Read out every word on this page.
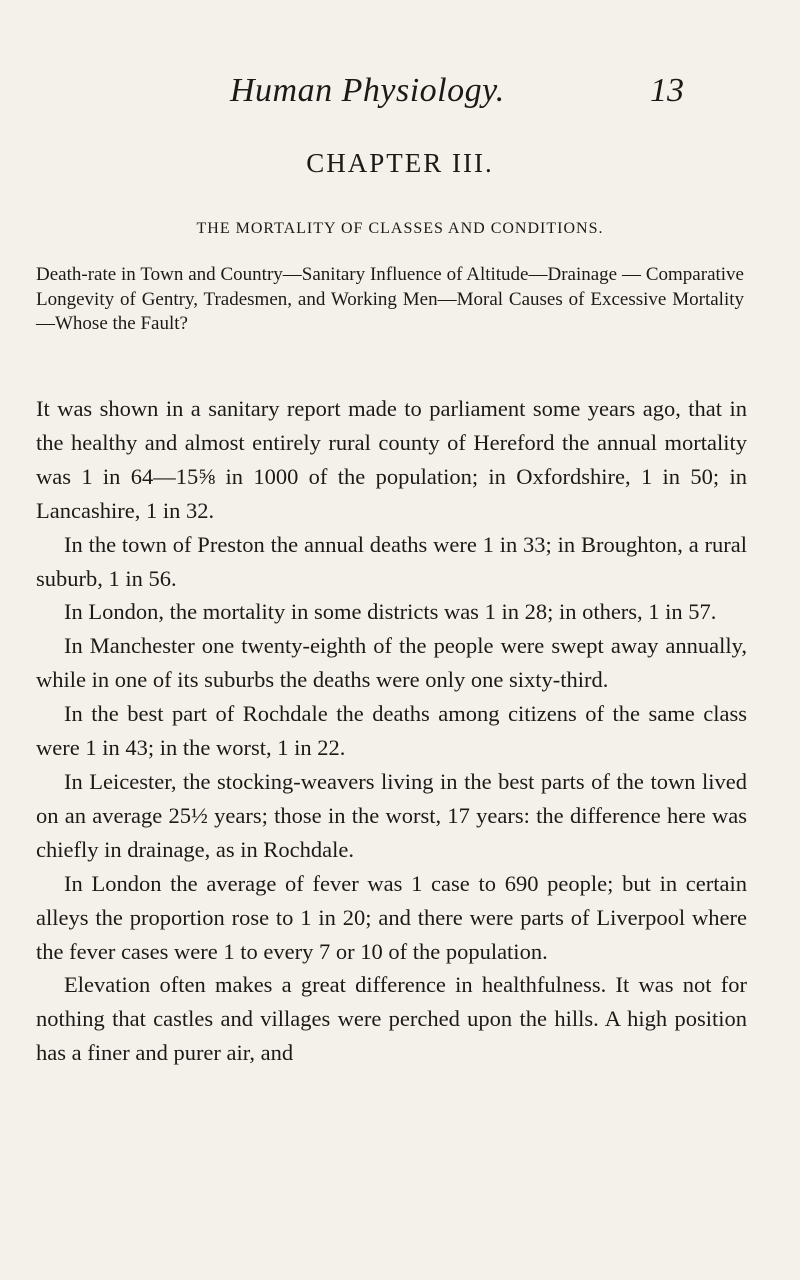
Human Physiology.	13
CHAPTER III.
THE MORTALITY OF CLASSES AND CONDITIONS.
Death-rate in Town and Country—Sanitary Influence of Altitude—Drainage — Comparative Longevity of Gentry, Tradesmen, and Working Men—Moral Causes of Excessive Mortality—Whose the Fault?

It was shown in a sanitary report made to parliament some years ago, that in the healthy and almost entirely rural county of Hereford the annual mortality was 1 in 64—15⅝ in 1000 of the population; in Oxfordshire, 1 in 50; in Lancashire, 1 in 32.

In the town of Preston the annual deaths were 1 in 33; in Broughton, a rural suburb, 1 in 56.

In London, the mortality in some districts was 1 in 28; in others, 1 in 57.

In Manchester one twenty-eighth of the people were swept away annually, while in one of its suburbs the deaths were only one sixty-third.

In the best part of Rochdale the deaths among citizens of the same class were 1 in 43; in the worst, 1 in 22.

In Leicester, the stocking-weavers living in the best parts of the town lived on an average 25½ years; those in the worst, 17 years: the difference here was chiefly in drainage, as in Rochdale.

In London the average of fever was 1 case to 690 people; but in certain alleys the proportion rose to 1 in 20; and there were parts of Liverpool where the fever cases were 1 to every 7 or 10 of the population.

Elevation often makes a great difference in healthfulness. It was not for nothing that castles and villages were perched upon the hills. A high position has a finer and purer air, and
